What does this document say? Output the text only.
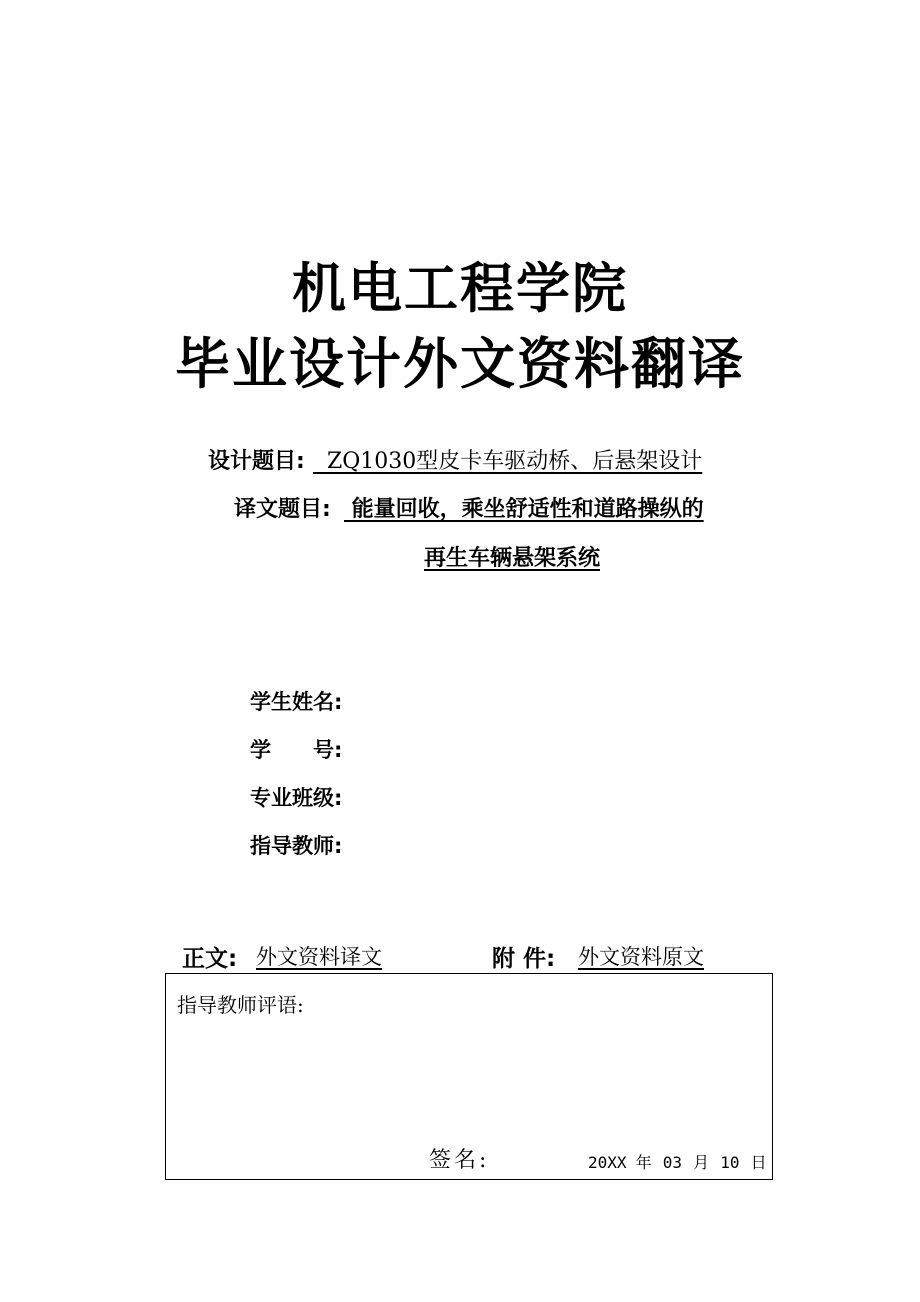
机电工程学院
毕业设计外文资料翻译
设计题目: ZQ1030型皮卡车驱动桥、后悬架设计
译文题目: 能量回收，乘坐舒适性和道路操纵的
再生车辆悬架系统
学生姓名:
学　　号:
专业班级:
指导教师:
正文: 外文资料译文	附 件: 外文资料原文
指导教师评语:
签名:	20XX 年 03 月 10 日
